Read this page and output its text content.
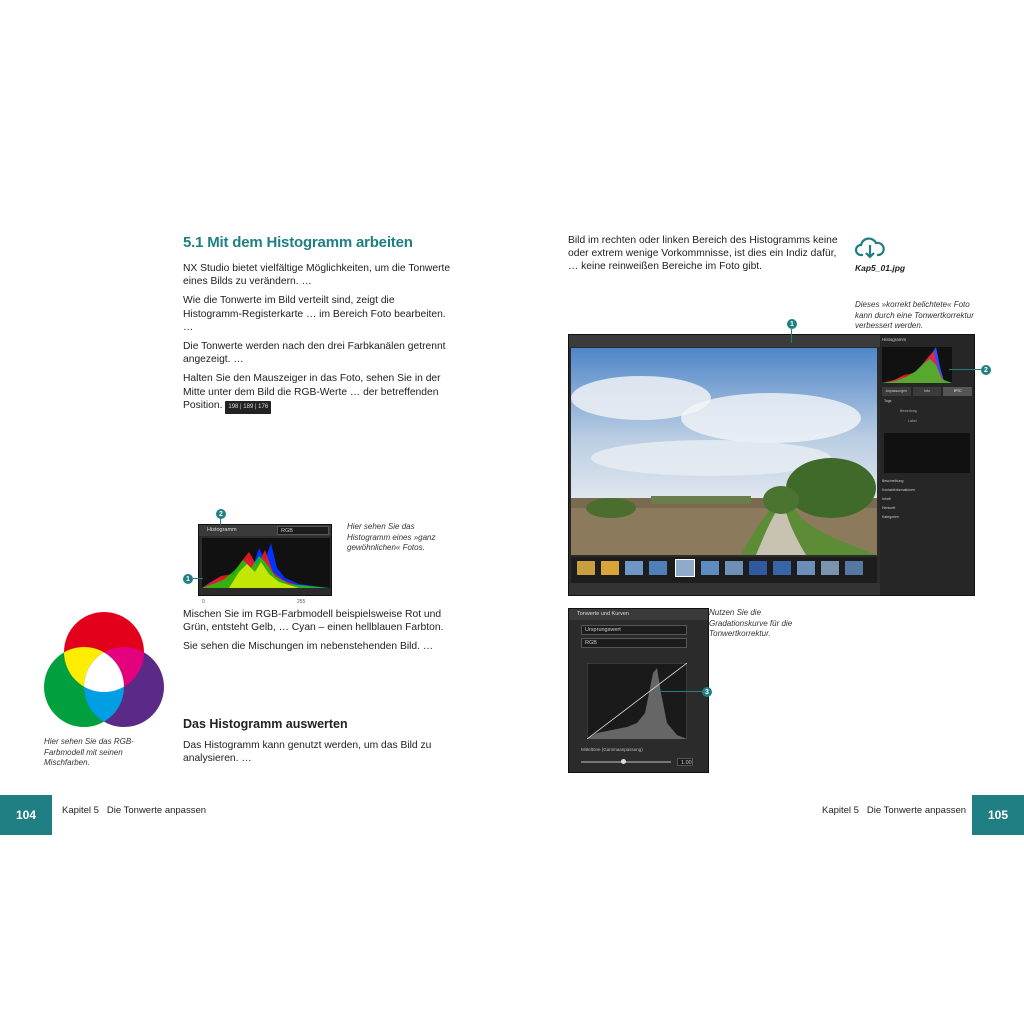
5.1 Mit dem Histogramm arbeiten

NX Studio bietet vielfältige Möglichkeiten, um die Tonwerte eines Bilds zu verändern. …

Wie die Tonwerte im Bild verteilt sind, zeigt die Histogramm-Registerkarte … im Bereich Foto bearbeiten. …

Die Tonwerte werden nach den drei Farbkanälen getrennt angezeigt. …

Halten Sie den Mauszeiger in das Foto, sehen Sie in der Mitte unter dem Bild die RGB-Werte … der betreffenden Position. 198 | 189 | 176

Histogramm	RGB
0	255
2
1
Hier sehen Sie das Histogramm eines »ganz gewöhnlichen« Fotos.
Hier sehen Sie das RGB-Farbmodell mit seinen Mischfarben.

Mischen Sie im RGB-Farbmodell beispielsweise Rot und Grün, entsteht Gelb, … Cyan – einen hellblauen Farbton.

Sie sehen die Mischungen im nebenstehenden Bild. …

Das Histogramm auswerten

Das Histogramm kann genutzt werden, um das Bild zu analysieren. …

104	Kapitel 5 Die Tonwerte anpassen

Bild im rechten oder linken Bereich des Histogramms keine oder extrem wenige Vorkommnisse, ist dies ein Indiz dafür, … keine reinweißen Bereiche im Foto gibt.	Kap5_01.jpg
Dieses »korrekt belichtete« Foto kann durch eine Tonwertkorrektur verbessert werden.
Histogramm
Anpassungen	Info	IPTC
Tags
Bewertung
Label
Beschreibung
Kontaktinformationen
Inhalt
Herkunft
Kategorien
1
2
Tonwerte und Kurven
Ursprungswert
RGB
Mitteltöne (Gammaanpassung)
1.00
3
Nutzen Sie die Gradationskurve für die Tonwertkorrektur.
Kapitel 5 Die Tonwerte anpassen 105
